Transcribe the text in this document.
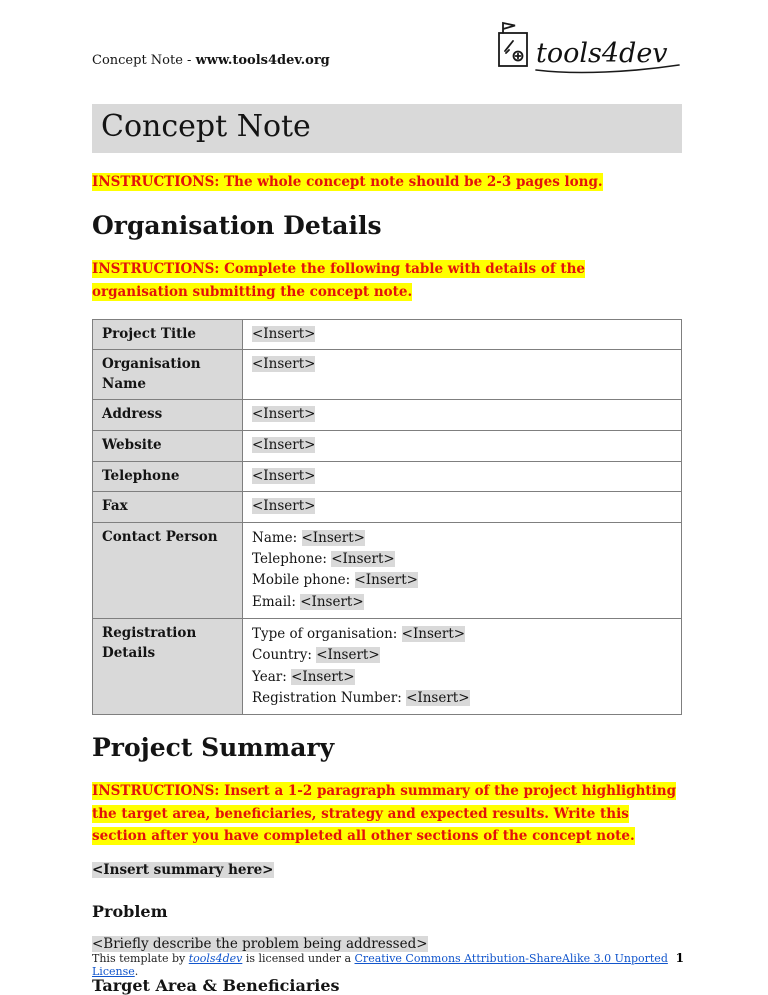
Concept Note - www.tools4dev.org	tools4dev
Concept Note

INSTRUCTIONS: The whole concept note should be 2-3 pages long.

Organisation Details

INSTRUCTIONS: Complete the following table with details of the organisation submitting the concept note.

Project Title	<Insert>
Organisation Name	<Insert>
Address	<Insert>
Website	<Insert>
Telephone	<Insert>
Fax	<Insert>
Contact Person	Name: <Insert>
Telephone: <Insert>
Mobile phone: <Insert>
Email: <Insert>

Registration Details	Type of organisation: <Insert>
Country: <Insert>
Year: <Insert>
Registration Number: <Insert>
Project Summary

INSTRUCTIONS: Insert a 1-2 paragraph summary of the project highlighting the target area, beneficiaries, strategy and expected results. Write this section after you have completed all other sections of the concept note.

<Insert summary here>

Problem

<Briefly describe the problem being addressed>

Target Area & Beneficiaries
This template by tools4dev is licensed under a Creative Commons Attribution-ShareAlike 3.0 Unported License.
1
